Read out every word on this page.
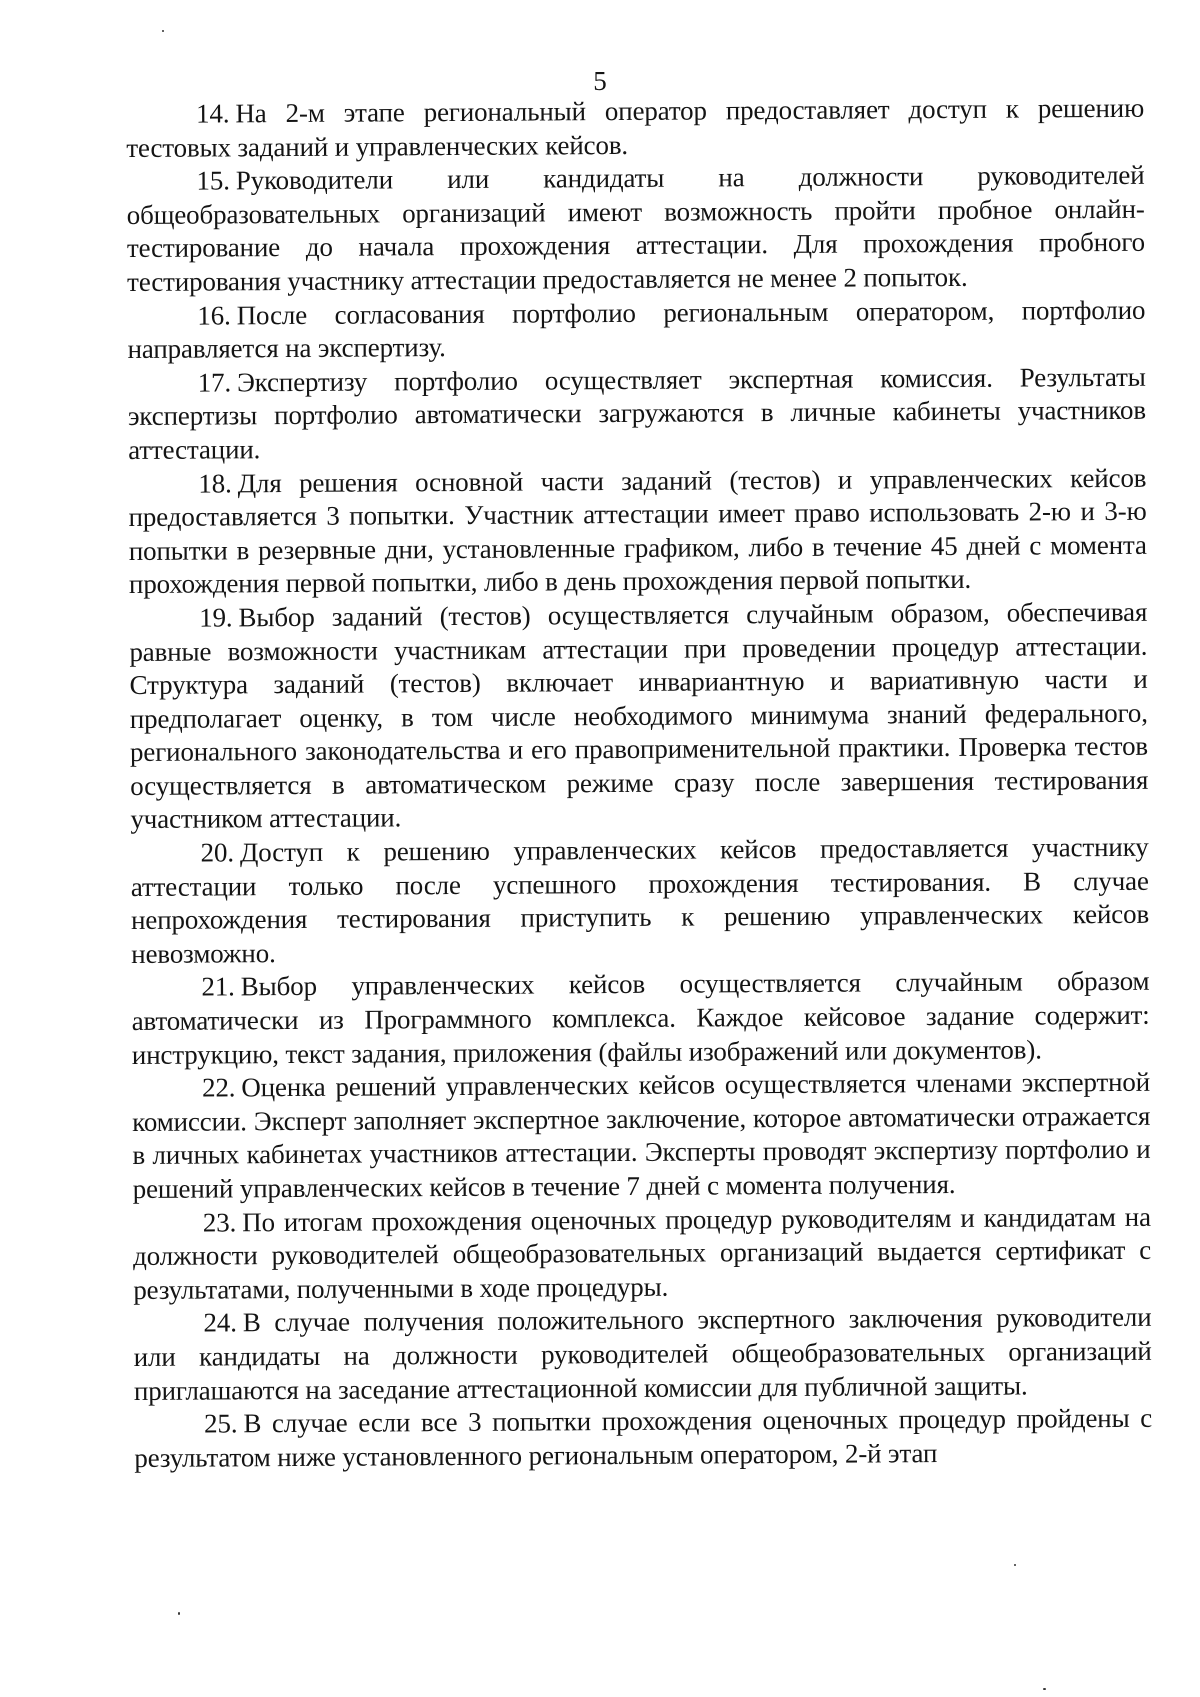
5

14. На 2-м этапе региональный оператор предоставляет доступ к решению тестовых заданий и управленческих кейсов.

15. Руководители или кандидаты на должности руководителей общеобразовательных организаций имеют возможность пройти пробное онлайн-тестирование до начала прохождения аттестации. Для прохождения пробного тестирования участнику аттестации предоставляется не менее 2 попыток.

16. После согласования портфолио региональным оператором, портфолио направляется на экспертизу.

17. Экспертизу портфолио осуществляет экспертная комиссия. Результаты экспертизы портфолио автоматически загружаются в личные кабинеты участников аттестации.

18. Для решения основной части заданий (тестов) и управленческих кейсов предоставляется 3 попытки. Участник аттестации имеет право использовать 2-ю и 3-ю попытки в резервные дни, установленные графиком, либо в течение 45 дней с момента прохождения первой попытки, либо в день прохождения первой попытки.

19. Выбор заданий (тестов) осуществляется случайным образом, обеспечивая равные возможности участникам аттестации при проведении процедур аттестации. Структура заданий (тестов) включает инвариантную и вариативную части и предполагает оценку, в том числе необходимого минимума знаний федерального, регионального законодательства и его правоприменительной практики. Проверка тестов осуществляется в автоматическом режиме сразу после завершения тестирования участником аттестации.

20. Доступ к решению управленческих кейсов предоставляется участнику аттестации только после успешного прохождения тестирования. В случае непрохождения тестирования приступить к решению управленческих кейсов невозможно.

21. Выбор управленческих кейсов осуществляется случайным образом автоматически из Программного комплекса. Каждое кейсовое задание содержит: инструкцию, текст задания, приложения (файлы изображений или документов).

22. Оценка решений управленческих кейсов осуществляется членами экспертной комиссии. Эксперт заполняет экспертное заключение, которое автоматически отражается в личных кабинетах участников аттестации. Эксперты проводят экспертизу портфолио и решений управленческих кейсов в течение 7 дней с момента получения.

23. По итогам прохождения оценочных процедур руководителям и кандидатам на должности руководителей общеобразовательных организаций выдается сертификат с результатами, полученными в ходе процедуры.

24. В случае получения положительного экспертного заключения руководители или кандидаты на должности руководителей общеобразовательных организаций приглашаются на заседание аттестационной комиссии для публичной защиты.

25. В случае если все 3 попытки прохождения оценочных процедур пройдены с результатом ниже установленного региональным оператором, 2-й этап
